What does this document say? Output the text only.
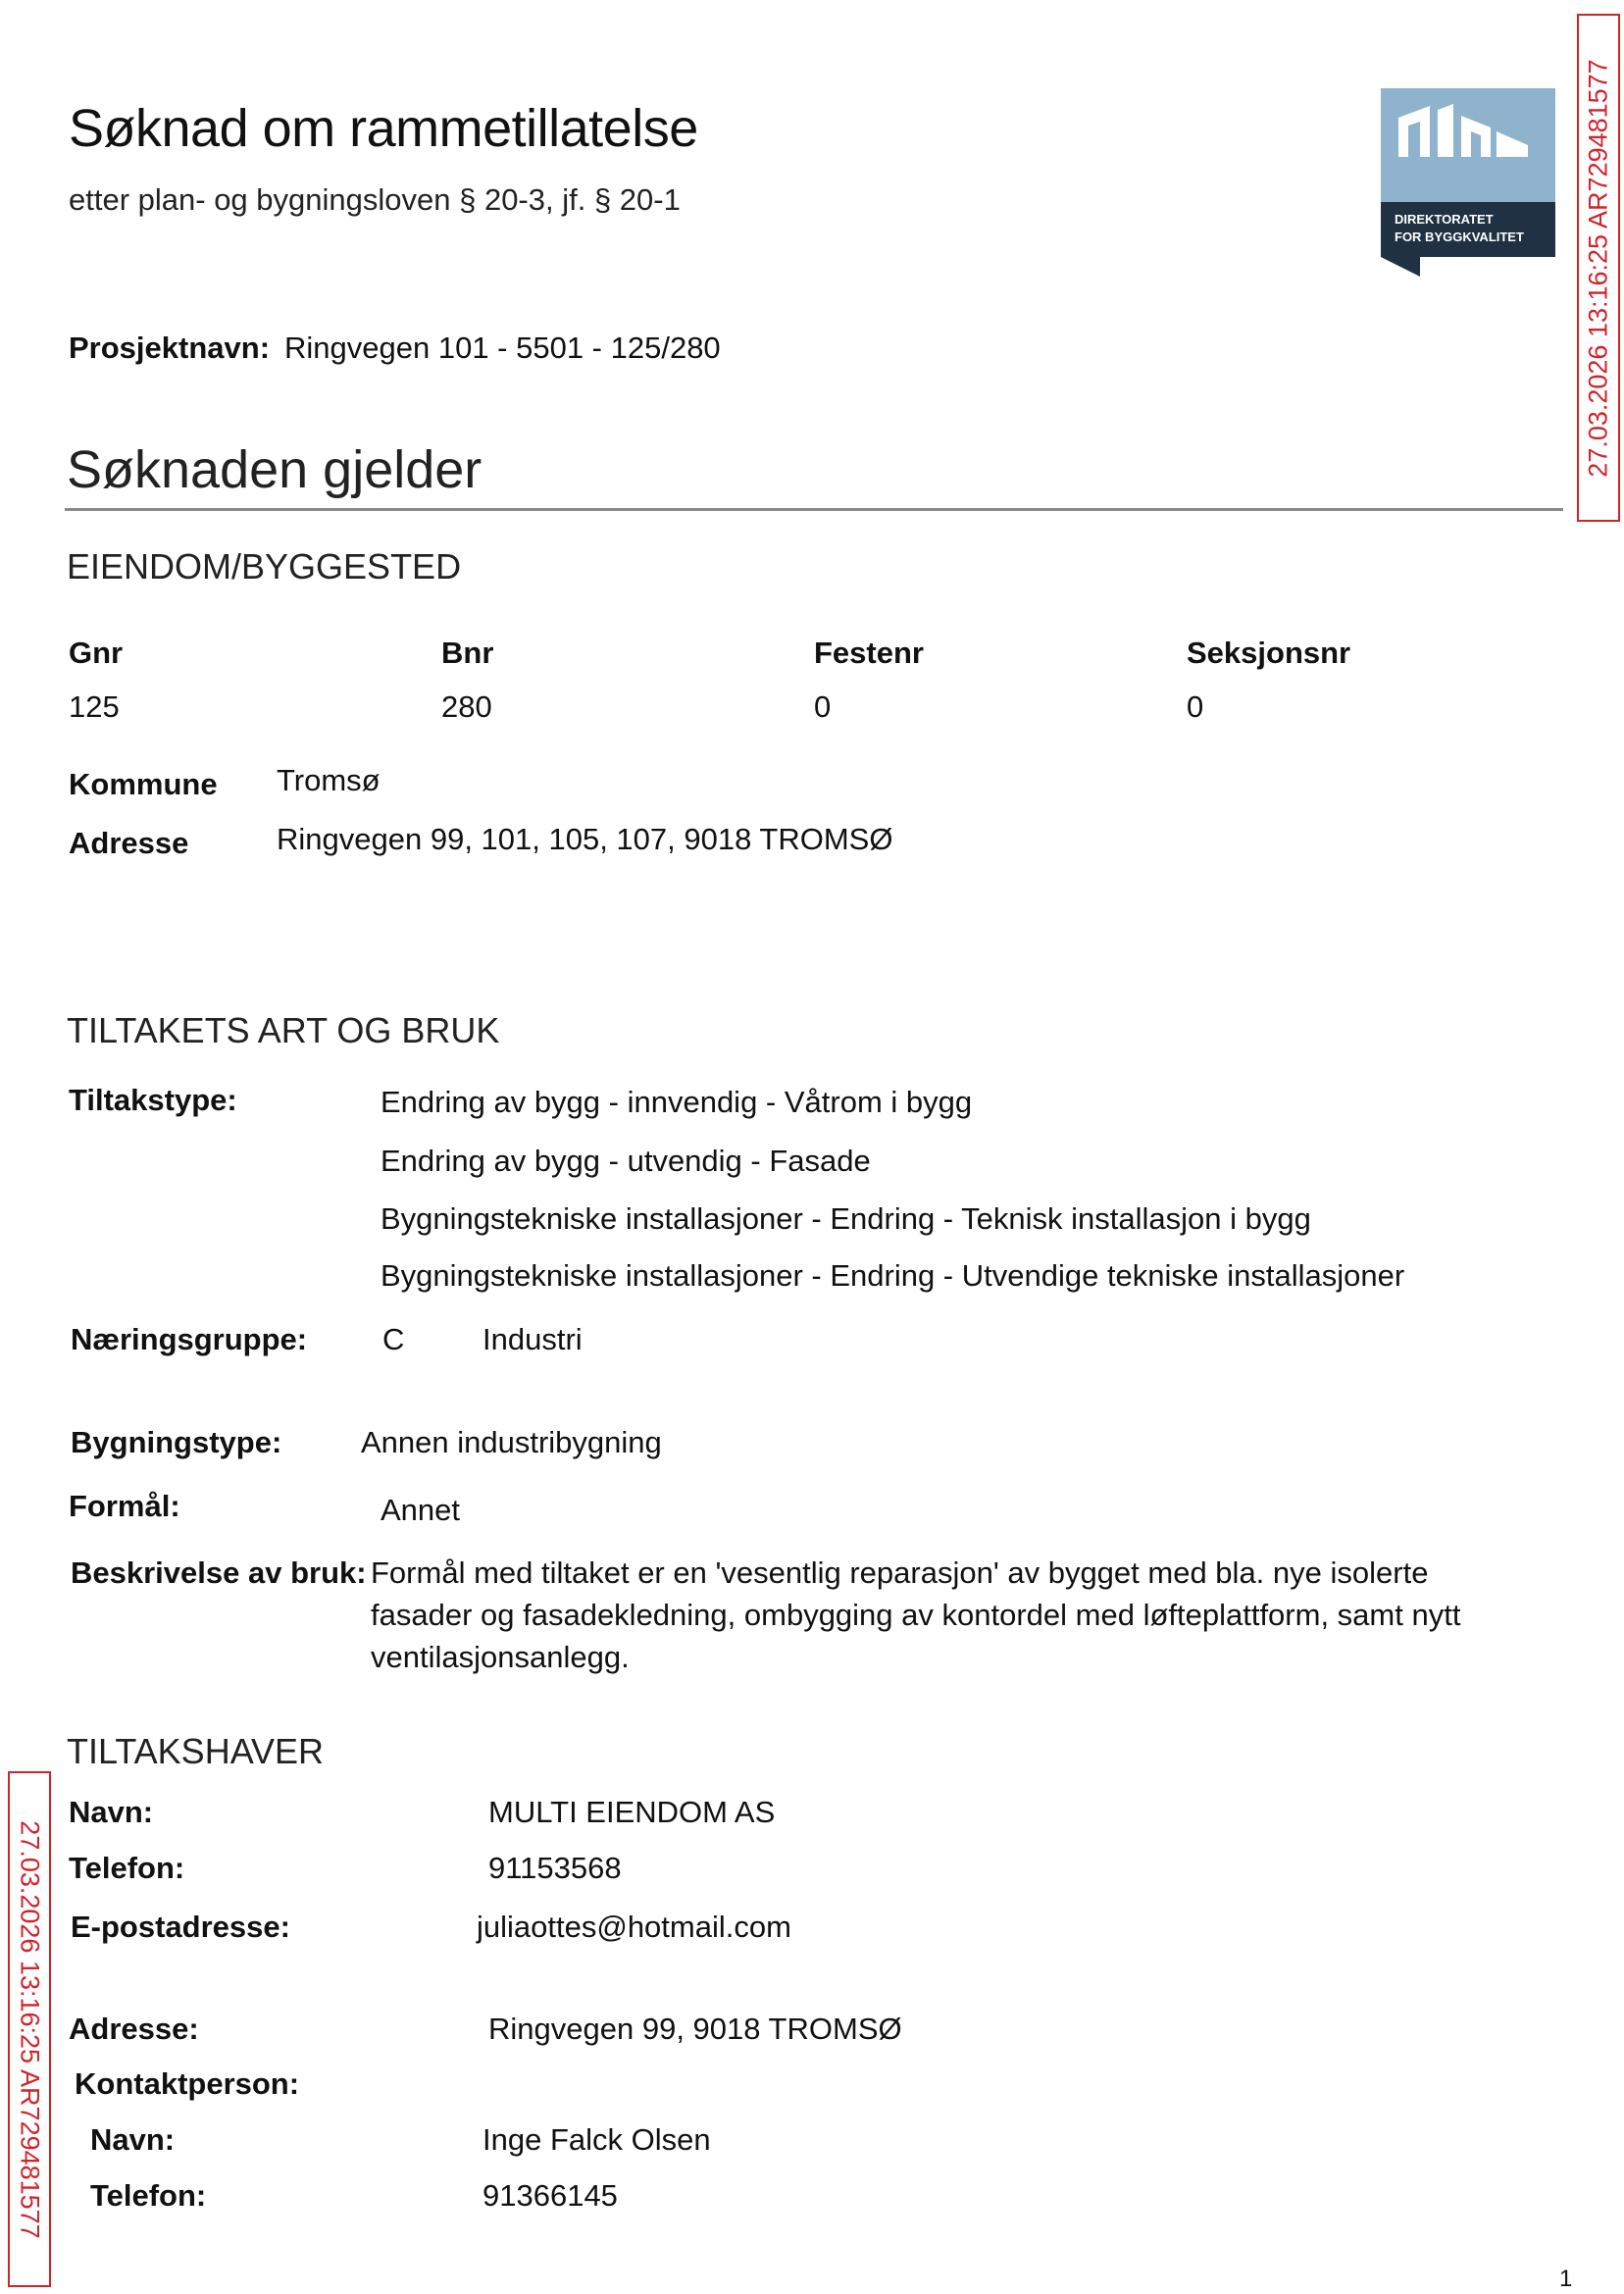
Søknad om rammetillatelse
etter plan- og bygningsloven § 20-3, jf. § 20-1
DIREKTORATET
FOR BYGGKVALITET 27.03.2026 13:16:25 AR729481577
27.03.2026 13:16:25 AR729481577
Prosjektnavn: Ringvegen 101 - 5501 - 125/280
Søknaden gjelder
EIENDOM/BYGGESTED
Gnr	Bnr	Festenr	Seksjonsnr
125	280	0	0
Kommune Tromsø
Adresse	Ringvegen 99, 101, 105, 107, 9018 TROMSØ
TILTAKETS ART OG BRUK
Tiltakstype:	Endring av bygg - innvendig - Våtrom i bygg
Endring av bygg - utvendig - Fasade
Bygningstekniske installasjoner - Endring - Teknisk installasjon i bygg
Bygningstekniske installasjoner - Endring - Utvendige tekniske installasjoner
Næringsgruppe: C	Industri
Bygningstype:	Annen industribygning
Formål:	Annet
Beskrivelse av bruk: Formål med tiltaket er en 'vesentlig reparasjon' av bygget med bla. nye isolerte fasader og fasadekledning, ombygging av kontordel med løfteplattform, samt nytt ventilasjonsanlegg.
TILTAKSHAVER
Navn:	MULTI EIENDOM AS
Telefon:	91153568
E-postadresse:	juliaottes@hotmail.com
Adresse:	Ringvegen 99, 9018 TROMSØ
Kontaktperson:
Navn:	Inge Falck Olsen
Telefon:	91366145
1
